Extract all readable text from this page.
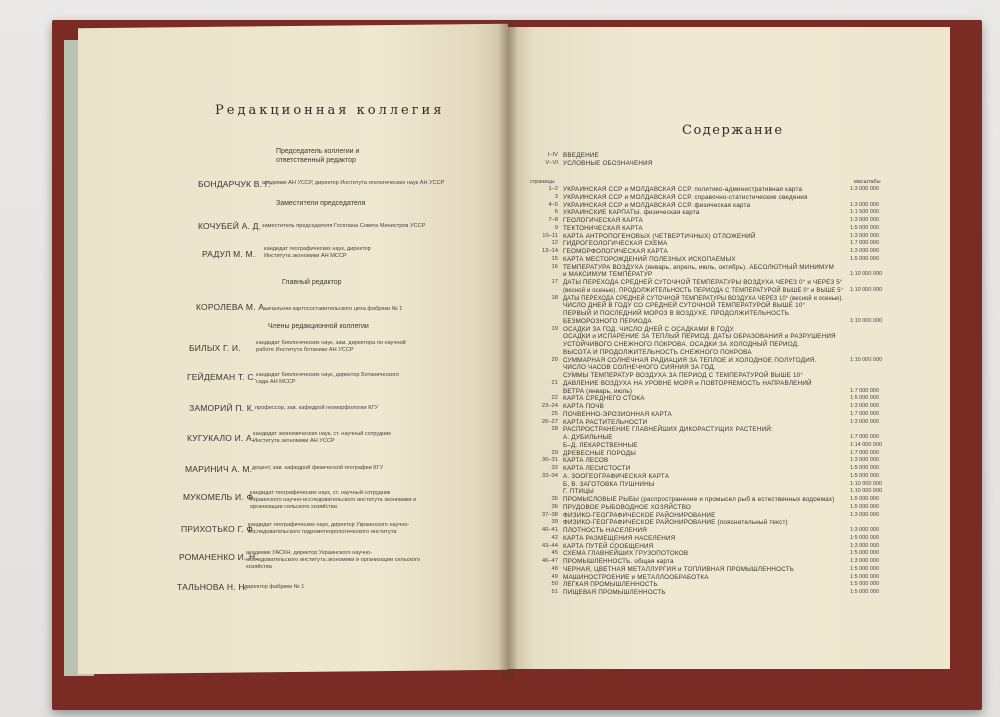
Редакционная коллегия
Председатель коллегии и ответственный редактор
БОНДАРЧУК В. Г.
академик АН УССР, директор Института геологических наук АН УССР
Заместители председателя
КОЧУБЕЙ А. Д. заместитель председателя Госплана Совета Министров УССР
РАДУЛ М. М. кандидат географических наук, директор Института экономики АН МССР
Главный редактор
КОРОЛЕВА М. А.
начальник картосоставительского цеха фабрики № 1
Члены редакционной коллегии
БИЛЫХ Г. И.	кандидат биологических наук, зам. директора по научной работе Института ботаники АН УССР
ГЕЙДЕМАН Т. С. кандидат биологических наук, директор Ботанического сада АН МССР
ЗАМОРИЙ П. К. профессор, зав. кафедрой геоморфологии КГУ
КУГУКАЛО И. А.
кандидат экономических наук, ст. научный сотрудник Института экономики АН УССР
МАРИНИЧ А. М. доцент, зав. кафедрой физической географии КГУ
МУКОМЕЛЬ И. Ф.
кандидат географических наук, ст. научный сотрудник Украинского научно-исследовательского института экономики и организации сельского хозяйства
ПРИХОТЬКО Г. Ф.
кандидат географических наук, директор Украинского научно-исследовательского гидрометеорологического института
РОМАНЕНКО И. Н.
академик УАСХН, директор Украинского научно-исследовательского института экономики и организации сельского хозяйства
ТАЛЬНОВА Н. Н.
директор фабрики № 1
Содержание
I–IV ВВЕДЕНИЕ
V–VI УСЛОВНЫЕ ОБОЗНАЧЕНИЯ
страницы	масштабы
1–2 УКРАИНСКАЯ ССР и МОЛДАВСКАЯ ССР. политико-административная карта	1:3 000 000
3 УКРАИНСКАЯ ССР и МОЛДАВСКАЯ ССР. справочно-статистические сведения
4–5 УКРАИНСКАЯ ССР и МОЛДАВСКАЯ ССР. физическая карта	1:3 000 000
6 УКРАИНСКИЕ КАРПАТЫ. физическая карта	1:1 500 000
7–8 ГЕОЛОГИЧЕСКАЯ КАРТА	1:3 000 000
9 ТЕКТОНИЧЕСКАЯ КАРТА	1:5 000 000
10–11 КАРТА АНТРОПОГЕНОВЫХ (ЧЕТВЕРТИЧНЫХ) ОТЛОЖЕНИЙ	1:3 000 000
12 ГИДРОГЕОЛОГИЧЕСКАЯ СХЕМА	1:7 000 000
13–14 ГЕОМОРФОЛОГИЧЕСКАЯ КАРТА	1:3 000 000
15 КАРТА МЕСТОРОЖДЕНИЙ ПОЛЕЗНЫХ ИСКОПАЕМЫХ	1:5 000 000
16 ТЕМПЕРАТУРА ВОЗДУХА (январь, апрель, июль, октябрь). АБСОЛЮТНЫЙ МИНИМУМ
и МАКСИМУМ ТЕМПЕРАТУР	1:10 000 000
17 ДАТЫ ПЕРЕХОДА СРЕДНЕЙ СУТОЧНОЙ ТЕМПЕРАТУРЫ ВОЗДУХА ЧЕРЕЗ 0° и ЧЕРЕЗ 5°
(весной и осенью). ПРОДОЛЖИТЕЛЬНОСТЬ ПЕРИОДА С ТЕМПЕРАТУРОЙ ВЫШЕ 0° и ВЫШЕ 5° 1:10 000 000
18 ДАТЫ ПЕРЕХОДА СРЕДНЕЙ СУТОЧНОЙ ТЕМПЕРАТУРЫ ВОЗДУХА ЧЕРЕЗ 10° (весной и осенью).
ЧИСЛО ДНЕЙ В ГОДУ СО СРЕДНЕЙ СУТОЧНОЙ ТЕМПЕРАТУРОЙ ВЫШЕ 10°
ПЕРВЫЙ И ПОСЛЕДНИЙ МОРОЗ В ВОЗДУХЕ. ПРОДОЛЖИТЕЛЬНОСТЬ
БЕЗМОРОЗНОГО ПЕРИОДА	1:10 000 000
19 ОСАДКИ ЗА ГОД. ЧИСЛО ДНЕЙ С ОСАДКАМИ В ГОДУ.
ОСАДКИ и ИСПАРЕНИЕ ЗА ТЕПЛЫЙ ПЕРИОД. ДАТЫ ОБРАЗОВАНИЯ и РАЗРУШЕНИЯ
УСТОЙЧИВОГО СНЕЖНОГО ПОКРОВА. ОСАДКИ ЗА ХОЛОДНЫЙ ПЕРИОД.
ВЫСОТА И ПРОДОЛЖИТЕЛЬНОСТЬ СНЕЖНОГО ПОКРОВА
20 СУММАРНАЯ СОЛНЕЧНАЯ РАДИАЦИЯ ЗА ТЕПЛОЕ И ХОЛОДНОЕ ПОЛУГОДИЯ.	1:10 000 000
ЧИСЛО ЧАСОВ СОЛНЕЧНОГО СИЯНИЯ ЗА ГОД.
СУММЫ ТЕМПЕРАТУР ВОЗДУХА ЗА ПЕРИОД С ТЕМПЕРАТУРОЙ ВЫШЕ 10°
21 ДАВЛЕНИЕ ВОЗДУХА НА УРОВНЕ МОРЯ и ПОВТОРЯЕМОСТЬ НАПРАВЛЕНИЙ
ВЕТРА (январь, июль)	1:7 000 000
22 КАРТА СРЕДНЕГО СТОКА	1:5 000 000
23–24 КАРТА ПОЧВ	1:3 000 000
25 ПОЧВЕННО-ЭРОЗИОННАЯ КАРТА	1:7 000 000
26–27 КАРТА РАСТИТЕЛЬНОСТИ	1:3 000 000
28 РАСПРОСТРАНЕНИЕ ГЛАВНЕЙШИХ ДИКОРАСТУЩИХ РАСТЕНИЙ:
А. ДУБИЛЬНЫЕ	1:7 000 000
Б–Д. ЛЕКАРСТВЕННЫЕ	1:14 000 000
29 ДРЕВЕСНЫЕ ПОРОДЫ	1:7 000 000
30–31 КАРТА ЛЕСОВ	1:3 000 000
32 КАРТА ЛЕСИСТОСТИ	1:5 000 000
33–34 А. ЗООГЕОГРАФИЧЕСКАЯ КАРТА	1:5 000 000
Б, В. ЗАГОТОВКА ПУШНИНЫ	1:10 000 000
Г. ПТИЦЫ	1:10 000 000
35 ПРОМЫСЛОВЫЕ РЫБЫ (распространение и промысел рыб в естественных водоемах)	1:5 000 000
36 ПРУДОВОЕ РЫБОВОДНОЕ ХОЗЯЙСТВО	1:5 000 000
37–38 ФИЗИКО-ГЕОГРАФИЧЕСКОЕ РАЙОНИРОВАНИЕ	1:3 000 000
39 ФИЗИКО-ГЕОГРАФИЧЕСКОЕ РАЙОНИРОВАНИЕ (пояснительный текст)
40–41 ПЛОТНОСТЬ НАСЕЛЕНИЯ	1:3 000 000
42 КАРТА РАЗМЕЩЕНИЯ НАСЕЛЕНИЯ	1:5 000 000
43–44 КАРТА ПУТЕЙ СООБЩЕНИЯ	1:3 000 000
45 СХЕМА ГЛАВНЕЙШИХ ГРУЗОПОТОКОВ	1:5 000 000
46–47 ПРОМЫШЛЕННОСТЬ. общая карта	1:3 000 000
48 ЧЕРНАЯ, ЦВЕТНАЯ МЕТАЛЛУРГИЯ и ТОПЛИВНАЯ ПРОМЫШЛЕННОСТЬ	1:5 000 000
49 МАШИНОСТРОЕНИЕ и МЕТАЛЛООБРАБОТКА	1:5 000 000
50 ЛЕГКАЯ ПРОМЫШЛЕННОСТЬ	1:5 000 000
51 ПИЩЕВАЯ ПРОМЫШЛЕННОСТЬ	1:5 000 000
